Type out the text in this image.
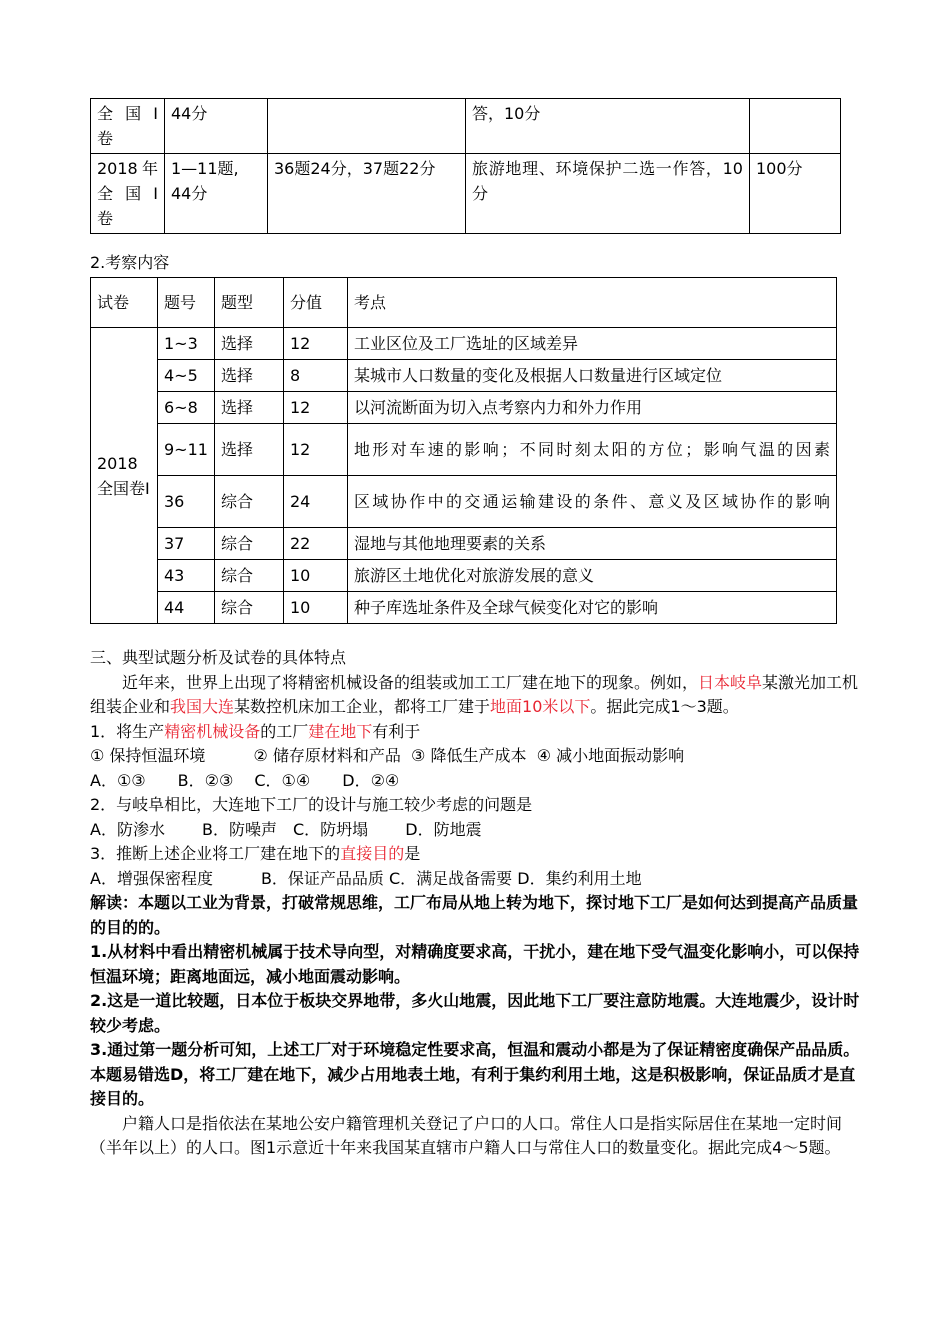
全 国 I 卷	44分		答，10分	
2018年全 国 I 卷	1—11题, 44分	36题24分，37题22分	旅游地理、环境保护二选一作答，10分	100分
2.考察内容
试卷	题号	题型	分值	考点
2018全国卷I	1~3	选择	12	工业区位及工厂选址的区域差异
	4~5	选择	8	某城市人口数量的变化及根据人口数量进行区域定位
	6~8	选择	12	以河流断面为切入点考察内力和外力作用
	9~11	选择	12	地形对车速的影响；不同时刻太阳的方位；影响气温的因素
	36	综合	24	区域协作中的交通运输建设的条件、意义及区域协作的影响
	37	综合	22	湿地与其他地理要素的关系
	43	综合	10	旅游区土地优化对旅游发展的意义
	44	综合	10	种子库选址条件及全球气候变化对它的影响

三、典型试题分析及试卷的具体特点

近年来，世界上出现了将精密机械设备的组装或加工工厂建在地下的现象。例如，日本岐阜某激光加工机组装企业和我国大连某数控机床加工企业，都将工厂建于地面10米以下。据此完成1～3题。

1．将生产精密机械设备的工厂建在地下有利于

① 保持恒温环境　　　② 储存原材料和产品  ③ 降低生产成本  ④ 减小地面振动影响

A．①③　　B．②③　 C．①④　　D．②④

2．与岐阜相比，大连地下工厂的设计与施工较少考虑的问题是

A．防渗水　　 B．防噪声　C．防坍塌　　 D．防地震

3．推断上述企业将工厂建在地下的直接目的是

A．增强保密程度　　　B．保证产品品质 C．满足战备需要 D．集约利用土地

解读：本题以工业为背景，打破常规思维，工厂布局从地上转为地下，探讨地下工厂是如何达到提高产品质量的目的的。

1.从材料中看出精密机械属于技术导向型，对精确度要求高，干扰小，建在地下受气温变化影响小，可以保持恒温环境；距离地面远，减小地面震动影响。

2.这是一道比较题，日本位于板块交界地带，多火山地震，因此地下工厂要注意防地震。大连地震少，设计时较少考虑。

3.通过第一题分析可知，上述工厂对于环境稳定性要求高，恒温和震动小都是为了保证精密度确保产品品质。本题易错选D，将工厂建在地下，减少占用地表土地，有利于集约利用土地，这是积极影响，保证品质才是直接目的。

户籍人口是指依法在某地公安户籍管理机关登记了户口的人口。常住人口是指实际居住在某地一定时间（半年以上）的人口。图1示意近十年来我国某直辖市户籍人口与常住人口的数量变化。据此完成4～5题。
